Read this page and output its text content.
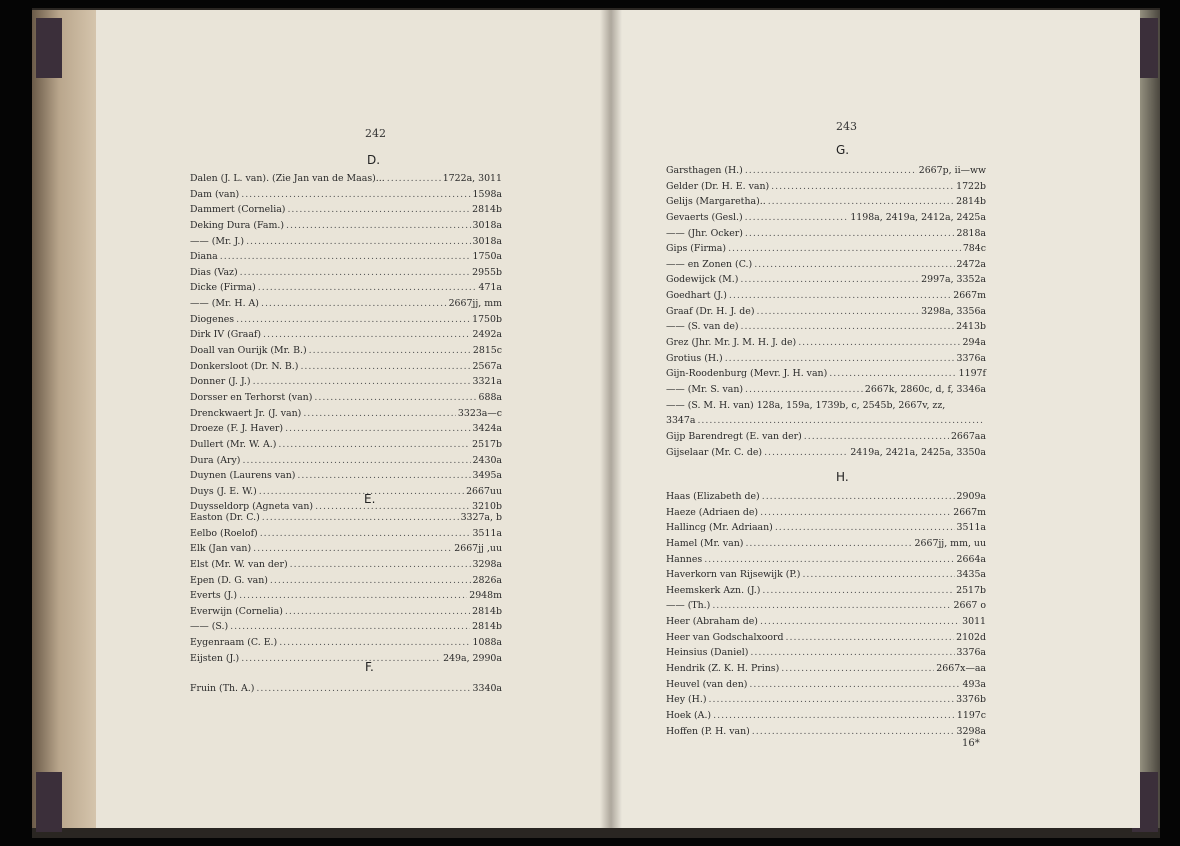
242
D.
Dalen (J. L. van). (Zie Jan van de Maas)... .....	1722a, 3011
Dam (van) .....	1598a
Dammert (Cornelia) .....	2814b
Deking Dura (Fam.) .....	3018a
—— (Mr. J.) .....	3018a
Diana .....	1750a
Dias (Vaz) .....	2955b
Dicke (Firma) .....	471a
—— (Mr. H. A) .....	2667jj, mm
Diogenes .....	1750b
Dirk IV (Graaf) .....	2492a
Doall van Ourijk (Mr. B.) .....	2815c
Donkersloot (Dr. N. B.) .....	2567a
Donner (J. J.) .....	3321a
Dorsser en Terhorst (van) .....	688a
Drenckwaert Jr. (J. van) .....	3323a—c
Droeze (F. J. Haver) .....	3424a
Dullert (Mr. W. A.) .....	2517b
Dura (Ary) .....	2430a
Duynen (Laurens van) .....	3495a
Duys (J. E. W.) .....	2667uu
Duysseldorp (Agneta van) .....	3210b
E.
Easton (Dr. C.) .....	3327a, b
Eelbo (Roelof) .....	3511a
Elk (Jan van) .....	2667jj ,uu
Elst (Mr. W. van der) .....	3298a
Epen (D. G. van) .....	2826a
Everts (J.) .....	2948m
Everwijn (Cornelia) .....	2814b
—— (S.) .....	2814b
Eygenraam (C. E.) .....	1088a
Eijsten (J.) .....	249a, 2990a
F.
Fruin (Th. A.) .....	3340a
243
G.
Garsthagen (H.) .....	2667p, ii—ww
Gelder (Dr. H. E. van) .....	1722b
Gelijs (Margaretha).. .....	2814b
Gevaerts (Gesl.) .....	1198a, 2419a, 2412a, 2425a
—— (Jhr. Ocker) .....	2818a
Gips (Firma) .....	784c
—— en Zonen (C.) .....	2472a
Godewijck (M.) .....	2997a, 3352a
Goedhart (J.) .....	2667m
Graaf (Dr. H. J. de) .....	3298a, 3356a
—— (S. van de) .....	2413b
Grez (Jhr. Mr. J. M. H. J. de) .....	294a
Grotius (H.) .....	3376a
Gijn-Roodenburg (Mevr. J. H. van) .....	1197f
—— (Mr. S. van) .....	2667k, 2860c, d, f, 3346a
—— (S. M. H. van) 128a, 159a, 1739b, c, 2545b, 2667v, zz,
3347a
.....
Gijp Barendregt (E. van der) .....	2667aa
Gijselaar (Mr. C. de) .....	2419a, 2421a, 2425a, 3350a
H.
Haas (Elizabeth de) .....	2909a
Haeze (Adriaen de) .....	2667m
Hallincg (Mr. Adriaan) .....	3511a
Hamel (Mr. van) .....	2667jj, mm, uu
Hannes .....	2664a
Haverkorn van Rijsewijk (P.) .....	3435a
Heemskerk Azn. (J.) .....	2517b
—— (Th.) .....	2667 o
Heer (Abraham de) .....	3011
Heer van Godschalxoord .....	2102d
Heinsius (Daniel) .....	3376a
Hendrik (Z. K. H. Prins) .....	2667x—aa
Heuvel (van den) .....	493a
Hey (H.) .....	3376b
Hoek (A.) .....	1197c
Hoffen (P. H. van) .....	3298a
16*
